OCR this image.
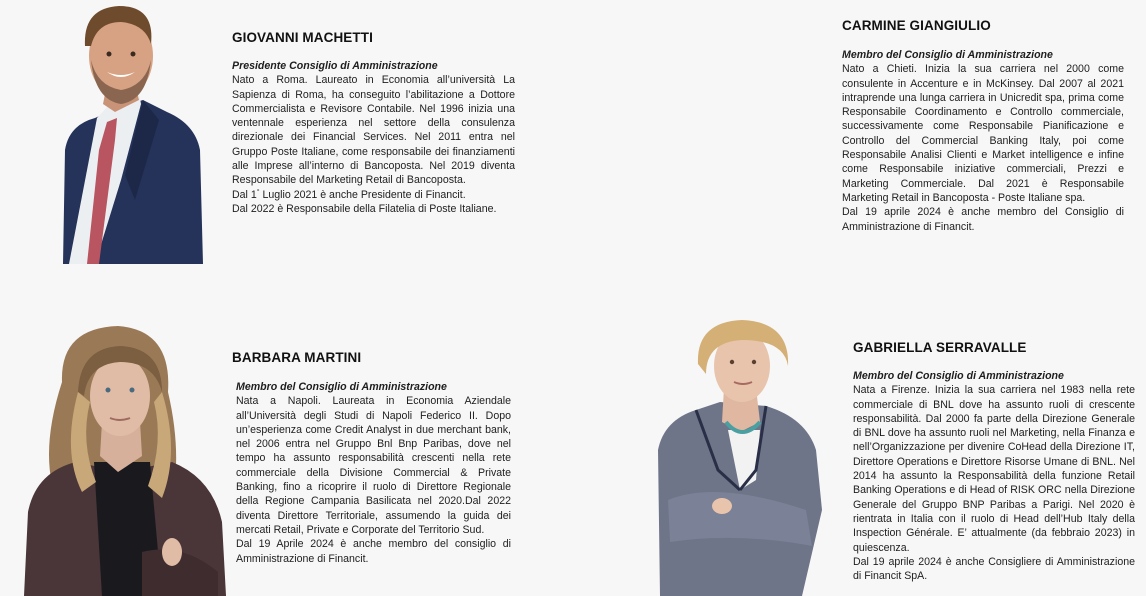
GIOVANNI MACHETTI
Presidente Consiglio di Amministrazione

Nato a Roma. Laureato in Economia all’università La Sapienza di Roma, ha conseguito l’abilitazione a Dottore Commercialista e Revisore Contabile. Nel 1996 inizia una ventennale esperienza nel settore della consulenza direzionale dei Financial Services. Nel 2011 entra nel Gruppo Poste Italiane, come responsabile dei finanziamenti alle Imprese all’interno di Bancoposta. Nel 2019 diventa Responsabile del Marketing Retail di Bancoposta.

Dal 1° Luglio 2021 è anche Presidente di Financit.

Dal 2022 è Responsabile della Filatelia di Poste Italiane.

CARMINE GIANGIULIO
Membro del Consiglio di Amministrazione

Nato a Chieti. Inizia la sua carriera nel 2000 come consulente in Accenture e in McKinsey. Dal 2007 al 2021 intraprende una lunga carriera in Unicredit spa, prima come Responsabile Coordinamento e Controllo commerciale, successivamente come Responsabile Pianificazione e Controllo del Commercial Banking Italy, poi come Responsabile Analisi Clienti e Market intelligence e infine come Responsabile iniziative commerciali, Prezzi e Marketing Commerciale. Dal 2021 è Responsabile Marketing Retail in Bancoposta - Poste Italiane spa.

Dal 19 aprile 2024 è anche membro del Consiglio di Amministrazione di Financit.

BARBARA MARTINI
Membro del Consiglio di Amministrazione

Nata a Napoli. Laureata in Economia Aziendale all’Università degli Studi di Napoli Federico II. Dopo un’esperienza come Credit Analyst in due merchant bank, nel 2006 entra nel Gruppo Bnl Bnp Paribas, dove nel tempo ha assunto responsabilità crescenti nella rete commerciale della Divisione Commercial & Private Banking, fino a ricoprire il ruolo di Direttore Regionale della Regione Campania Basilicata nel 2020.Dal 2022 diventa Direttore Territoriale, assumendo la guida dei mercati Retail, Private e Corporate del Territorio Sud.

Dal 19 Aprile 2024 è anche membro del consiglio di Amministrazione di Financit.

GABRIELLA SERRAVALLE
Membro del Consiglio di Amministrazione

Nata a Firenze. Inizia la sua carriera nel 1983 nella rete commerciale di BNL dove ha assunto ruoli di crescente responsabilità. Dal 2000 fa parte della Direzione Generale di BNL dove ha assunto ruoli nel Marketing, nella Finanza e nell’Organizzazione per divenire CoHead della Direzione IT, Direttore Operations e Direttore Risorse Umane di BNL. Nel 2014 ha assunto la Responsabilità della funzione Retail Banking Operations e di Head of RISK ORC nella Direzione Generale del Gruppo BNP Paribas a Parigi. Nel 2020 è rientrata in Italia con il ruolo di Head dell’Hub Italy della Inspection Générale. E’ attualmente (da febbraio 2023) in quiescenza.

Dal 19 aprile 2024 è anche Consigliere di Amministrazione di Financit SpA.
